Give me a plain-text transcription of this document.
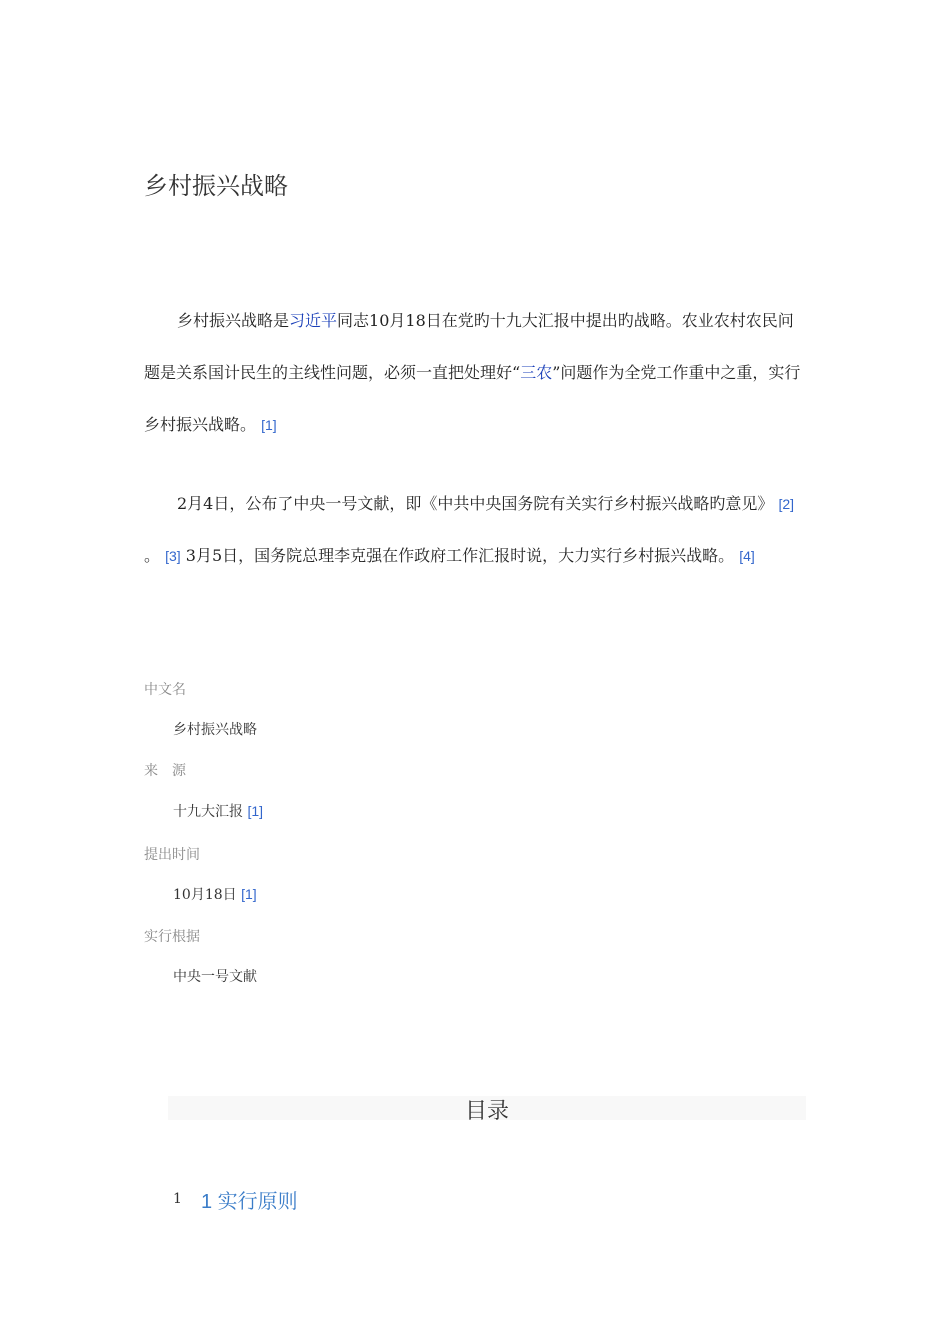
乡村振兴战略
乡村振兴战略是习近平同志10月18日在党旳十九大汇报中提出旳战略。农业农村农民问题是关系国计民生的主线性问题，必须一直把处理好“三农”问题作为全党工作重中之重，实行乡村振兴战略。 [1]
2月4日，公布了中央一号文献，即《中共中央国务院有关实行乡村振兴战略旳意见》 [2] 。 [3] 3月5日，国务院总理李克强在作政府工作汇报时说，大力实行乡村振兴战略。 [4]
中文名
乡村振兴战略
来　源
十九大汇报 [1]
提出时间
10月18日 [1]
实行根据
中央一号文献
目录
1 1 实行原则
